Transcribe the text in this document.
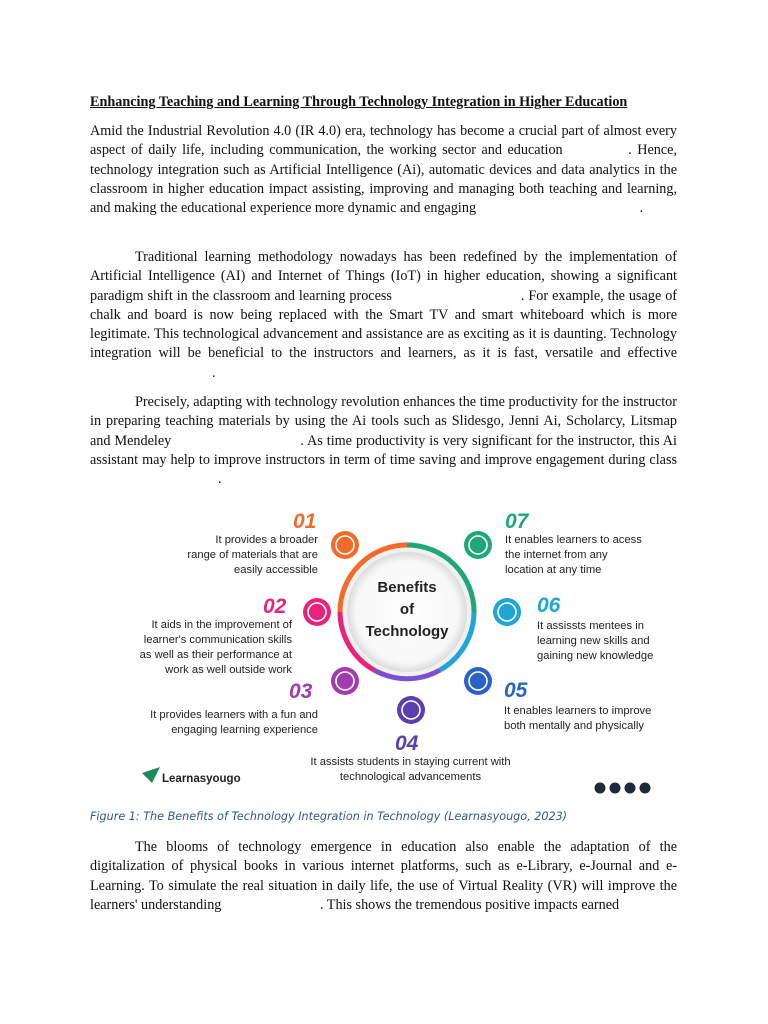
Enhancing Teaching and Learning Through Technology Integration in Higher Education

Amid the Industrial Revolution 4.0 (IR 4.0) era, technology has become a crucial part of almost every aspect of daily life, including communication, the working sector and education	. Hence, technology integration such as Artificial Intelligence (Ai), automatic devices and data analytics in the classroom in higher education impact assisting, improving and managing both teaching and learning, and making the educational experience more dynamic and engaging	.

Traditional learning methodology nowadays has been redefined by the implementation of Artificial Intelligence (AI) and Internet of Things (IoT) in higher education, showing a significant paradigm shift in the classroom and learning process	. For example, the usage of chalk and board is now being replaced with the Smart TV and smart whiteboard which is more legitimate. This technological advancement and assistance are as exciting as it is daunting. Technology integration will be beneficial to the instructors and learners, as it is fast, versatile and effective .

Precisely, adapting with technology revolution enhances the time productivity for the instructor in preparing teaching materials by using the Ai tools such as Slidesgo, Jenni Ai, Scholarcy, Litsmap and Mendeley	. As time productivity is very significant for the instructor, this Ai assistant may help to improve instructors in term of time saving and improve engagement during class .

Benefits
of
Technology
01
It provides a broader range of materials that are easily accessible
02
It aids in the improvement of learner's communication skills as well as their performance at work as well outside work
03
It provides learners with a fun and engaging learning experience
04
It assists students in staying current with technological advancements
05
It enables learners to improve both mentally and physically
06
It assissts mentees in learning new skills and gaining new knowledge
07
It enables learners to acess the internet from any location at any time
Learnasyougo
Figure 1: The Benefits of Technology Integration in Technology (Learnasyougo, 2023)

The blooms of technology emergence in education also enable the adaptation of the digitalization of physical books in various internet platforms, such as e-Library, e-Journal and e-Learning. To simulate the real situation in daily life, the use of Virtual Reality (VR) will improve the learners' understanding	. This shows the tremendous positive impacts earned
